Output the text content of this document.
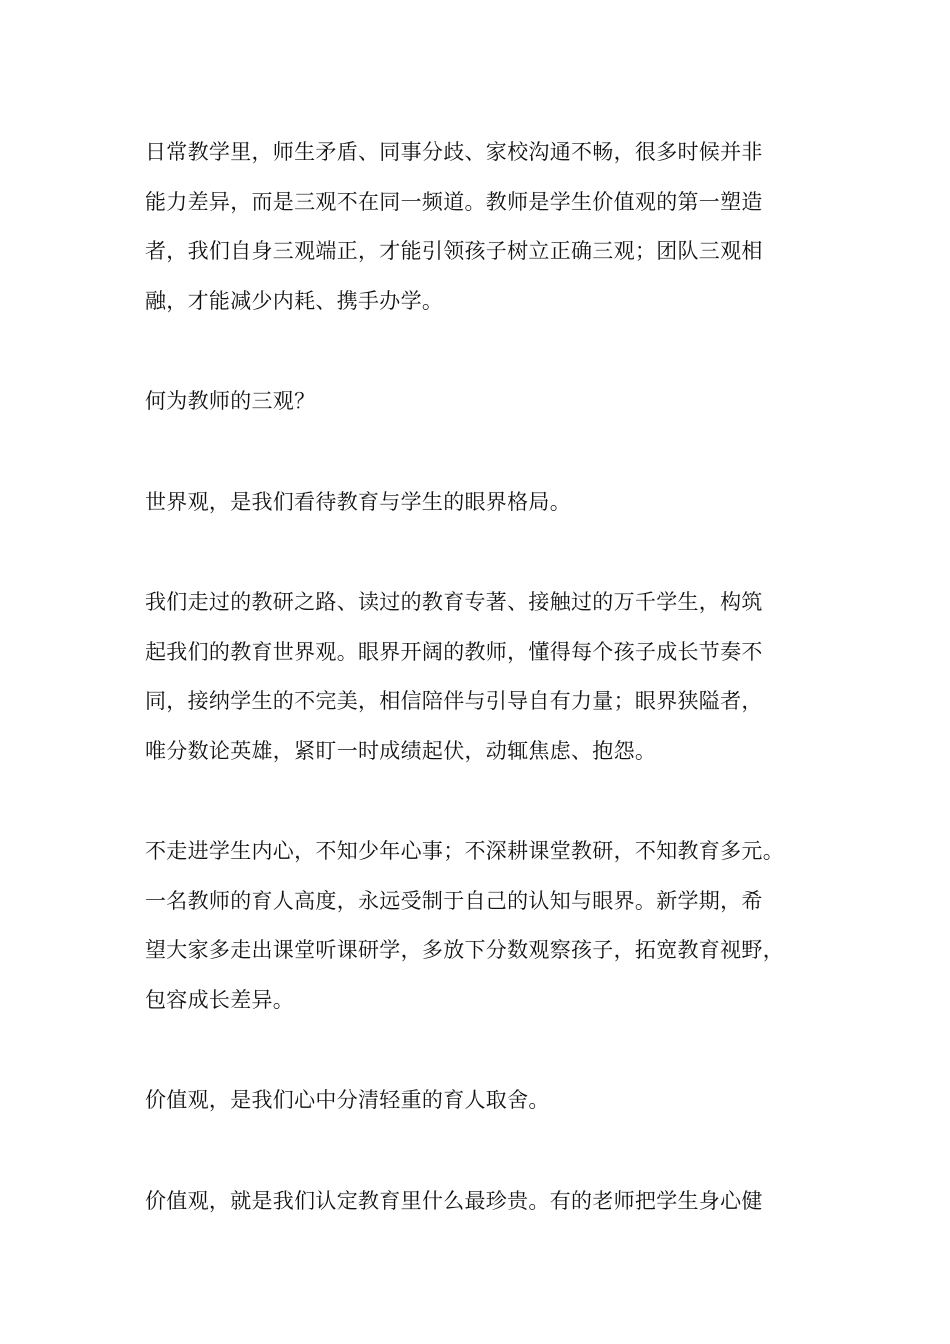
日常教学里，师生矛盾、同事分歧、家校沟通不畅，很多时候并非
能力差异，而是三观不在同一频道。教师是学生价值观的第一塑造
者，我们自身三观端正，才能引领孩子树立正确三观；团队三观相
融，才能减少内耗、携手办学。

何为教师的三观？

世界观，是我们看待教育与学生的眼界格局。

我们走过的教研之路、读过的教育专著、接触过的万千学生，构筑
起我们的教育世界观。眼界开阔的教师，懂得每个孩子成长节奏不
同，接纳学生的不完美，相信陪伴与引导自有力量；眼界狭隘者，
唯分数论英雄，紧盯一时成绩起伏，动辄焦虑、抱怨。

不走进学生内心，不知少年心事；不深耕课堂教研，不知教育多元。
一名教师的育人高度，永远受制于自己的认知与眼界。新学期，希
望大家多走出课堂听课研学，多放下分数观察孩子，拓宽教育视野，
包容成长差异。

价值观，是我们心中分清轻重的育人取舍。

价值观，就是我们认定教育里什么最珍贵。有的老师把学生身心健
